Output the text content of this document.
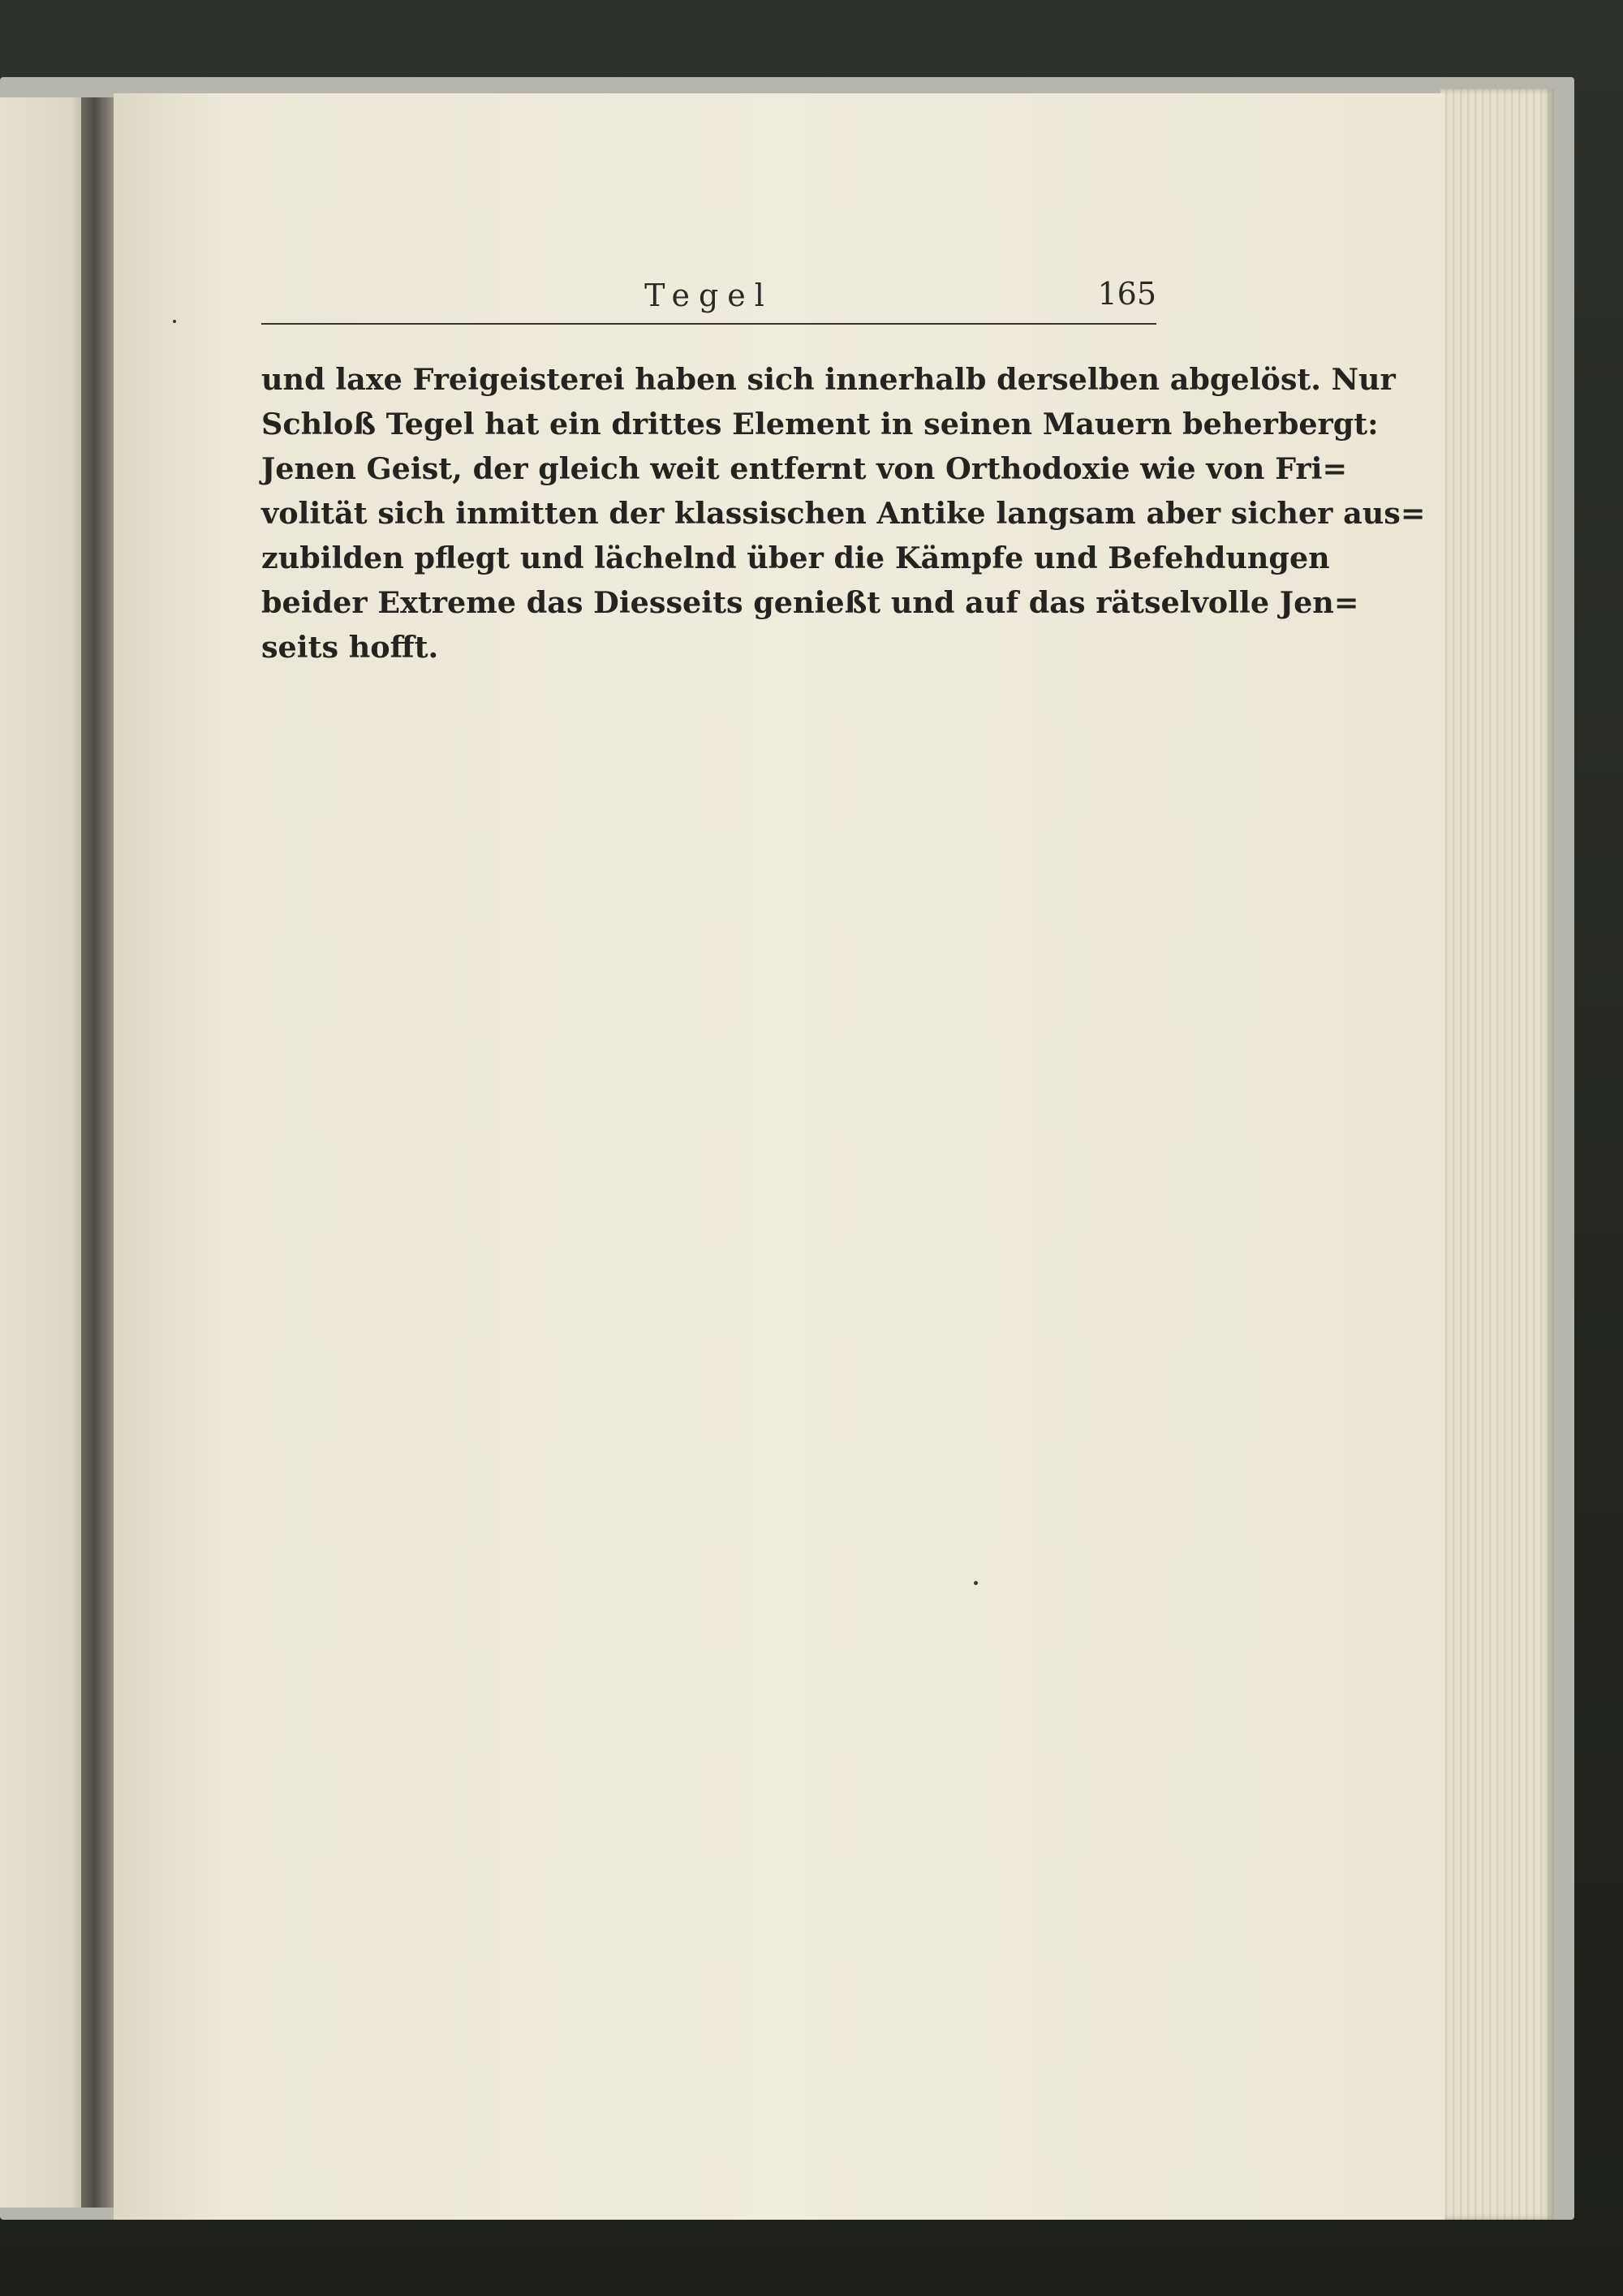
Tegel	165
und laxe Freigeisterei haben sich innerhalb derselben abgelöst. Nur
Schloß Tegel hat ein drittes Element in seinen Mauern beherbergt:
Jenen Geist, der gleich weit entfernt von Orthodoxie wie von Fri=
volität sich inmitten der klassischen Antike langsam aber sicher aus=
zubilden pflegt und lächelnd über die Kämpfe und Befehdungen
beider Extreme das Diesseits genießt und auf das rätselvolle Jen=
seits hofft.
